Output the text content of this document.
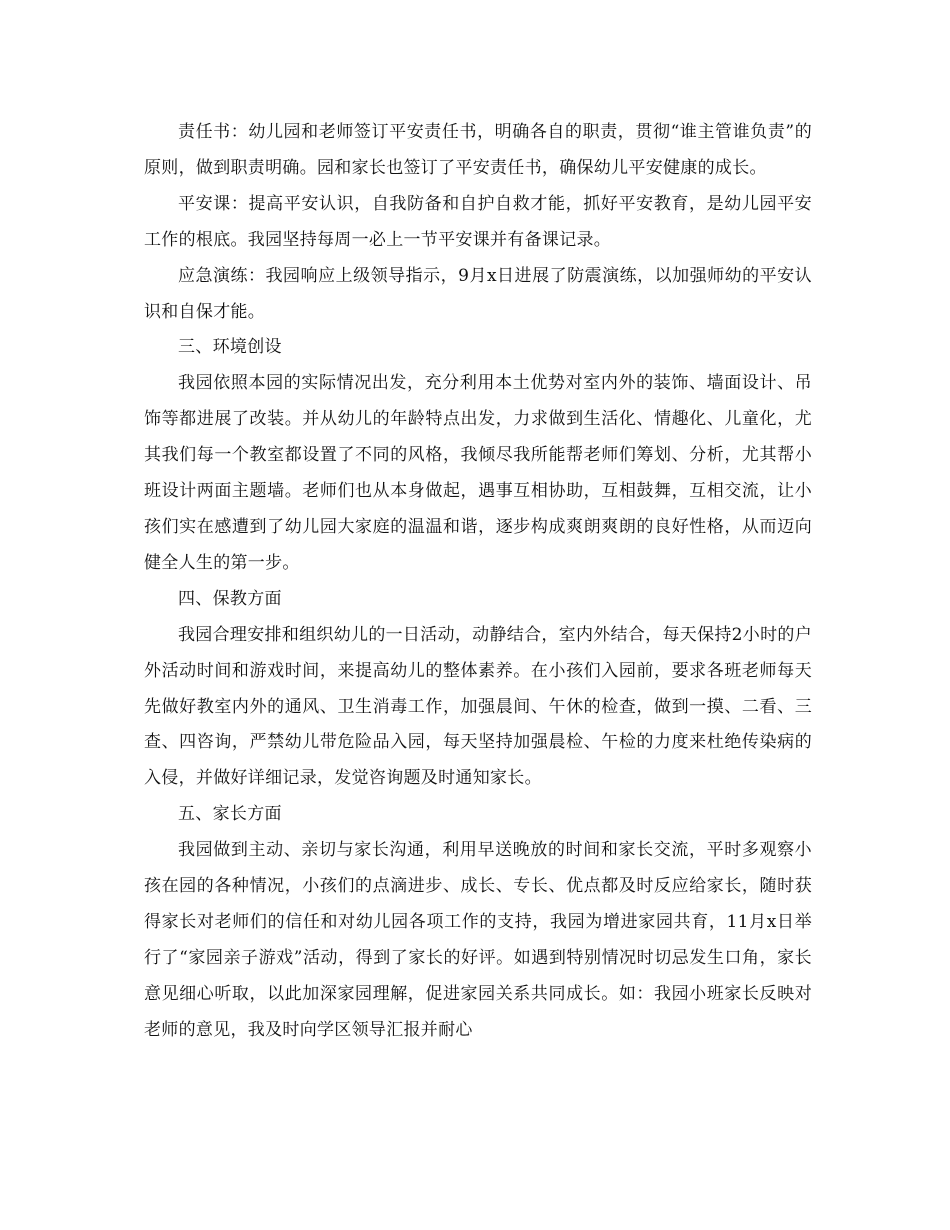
责任书：幼儿园和老师签订平安责任书，明确各自的职责，贯彻“谁主管谁负责”的原则，做到职责明确。园和家长也签订了平安责任书，确保幼儿平安健康的成长。

平安课：提高平安认识，自我防备和自护自救才能，抓好平安教育，是幼儿园平安工作的根底。我园坚持每周一必上一节平安课并有备课记录。

应急演练：我园响应上级领导指示，9月x日进展了防震演练，以加强师幼的平安认识和自保才能。

三、环境创设

我园依照本园的实际情况出发，充分利用本土优势对室内外的装饰、墙面设计、吊饰等都进展了改装。并从幼儿的年龄特点出发，力求做到生活化、情趣化、儿童化，尤其我们每一个教室都设置了不同的风格，我倾尽我所能帮老师们筹划、分析，尤其帮小班设计两面主题墙。老师们也从本身做起，遇事互相协助，互相鼓舞，互相交流，让小孩们实在感遭到了幼儿园大家庭的温温和谐，逐步构成爽朗爽朗的良好性格，从而迈向健全人生的第一步。

四、保教方面

我园合理安排和组织幼儿的一日活动，动静结合，室内外结合，每天保持2小时的户外活动时间和游戏时间，来提高幼儿的整体素养。在小孩们入园前，要求各班老师每天先做好教室内外的通风、卫生消毒工作，加强晨间、午休的检查，做到一摸、二看、三查、四咨询，严禁幼儿带危险品入园，每天坚持加强晨检、午检的力度来杜绝传染病的入侵，并做好详细记录，发觉咨询题及时通知家长。

五、家长方面

我园做到主动、亲切与家长沟通，利用早送晚放的时间和家长交流，平时多观察小孩在园的各种情况，小孩们的点滴进步、成长、专长、优点都及时反应给家长，随时获得家长对老师们的信任和对幼儿园各项工作的支持，我园为增进家园共育，11月x日举行了“家园亲子游戏”活动，得到了家长的好评。如遇到特别情况时切忌发生口角，家长意见细心听取，以此加深家园理解，促进家园关系共同成长。如：我园小班家长反映对老师的意见，我及时向学区领导汇报并耐心
